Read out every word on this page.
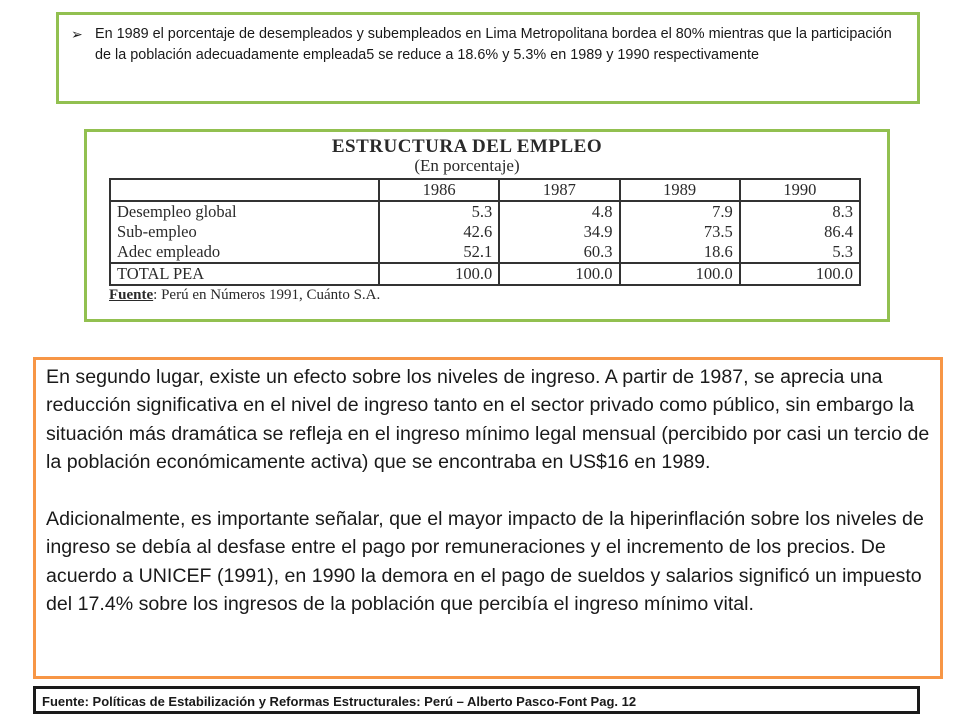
➢ En 1989 el porcentaje de desempleados y subempleados en Lima Metropolitana bordea el 80% mientras que la participación de la población adecuadamente empleada5 se reduce a 18.6% y 5.3% en 1989 y 1990 respectivamente
ESTRUCTURA DEL EMPLEO
(En porcentaje)
	1986	1987	1989	1990
Desempleo global	5.3	4.8	7.9	8.3
Sub-empleo	42.6	34.9	73.5	86.4
Adec empleado	52.1	60.3	18.6	5.3
TOTAL PEA	100.0	100.0	100.0	100.0
Fuente: Perú en Números 1991, Cuánto S.A.

En segundo lugar, existe un efecto sobre los niveles de ingreso. A partir de 1987, se aprecia una reducción significativa en el nivel de ingreso tanto en el sector privado como público, sin embargo la situación más dramática se refleja en el ingreso mínimo legal mensual (percibido por casi un tercio de la población económicamente activa) que se encontraba en US$16 en 1989.

Adicionalmente, es importante señalar, que el mayor impacto de la hiperinflación sobre los niveles de ingreso se debía al desfase entre el pago por remuneraciones y el incremento de los precios. De acuerdo a UNICEF (1991), en 1990 la demora en el pago de sueldos y salarios significó un impuesto del 17.4% sobre los ingresos de la población que percibía el ingreso mínimo vital.

Fuente: Políticas de Estabilización y Reformas Estructurales: Perú – Alberto Pasco-Font Pag. 12
